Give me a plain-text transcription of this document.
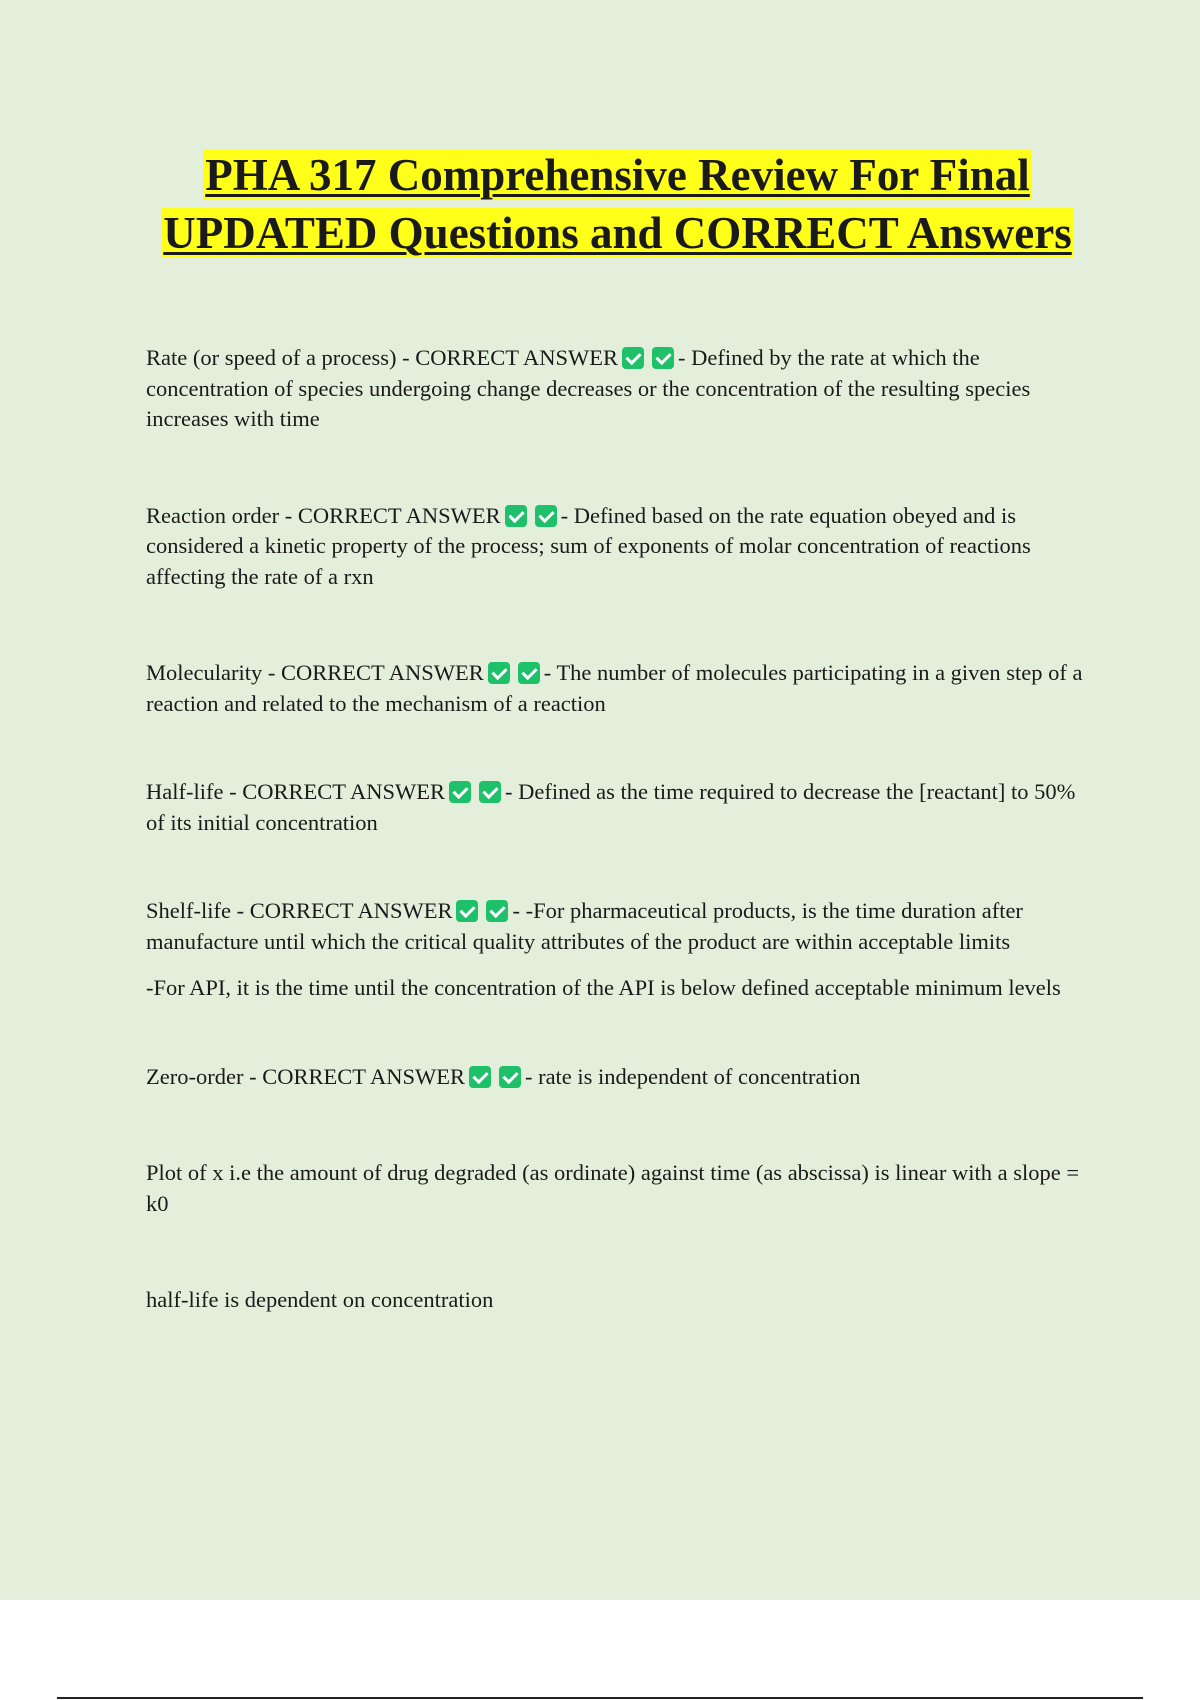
PHA 317 Comprehensive Review For Final UPDATED Questions and CORRECT Answers

Rate (or speed of a process) - CORRECT ANSWER	- Defined by the rate at which the concentration of species undergoing change decreases or the concentration of the resulting species increases with time

Reaction order - CORRECT ANSWER	- Defined based on the rate equation obeyed and is considered a kinetic property of the process; sum of exponents of molar concentration of reactions affecting the rate of a rxn

Molecularity - CORRECT ANSWER	- The number of molecules participating in a given step of a reaction and related to the mechanism of a reaction

Half-life - CORRECT ANSWER	- Defined as the time required to decrease the [reactant] to 50% of its initial concentration

Shelf-life - CORRECT ANSWER	- -For pharmaceutical products, is the time duration after manufacture until which the critical quality attributes of the product are within acceptable limits

-For API, it is the time until the concentration of the API is below defined acceptable minimum levels

Zero-order - CORRECT ANSWER	- rate is independent of concentration

Plot of x i.e the amount of drug degraded (as ordinate) against time (as abscissa) is linear with a slope = k0

half-life is dependent on concentration
